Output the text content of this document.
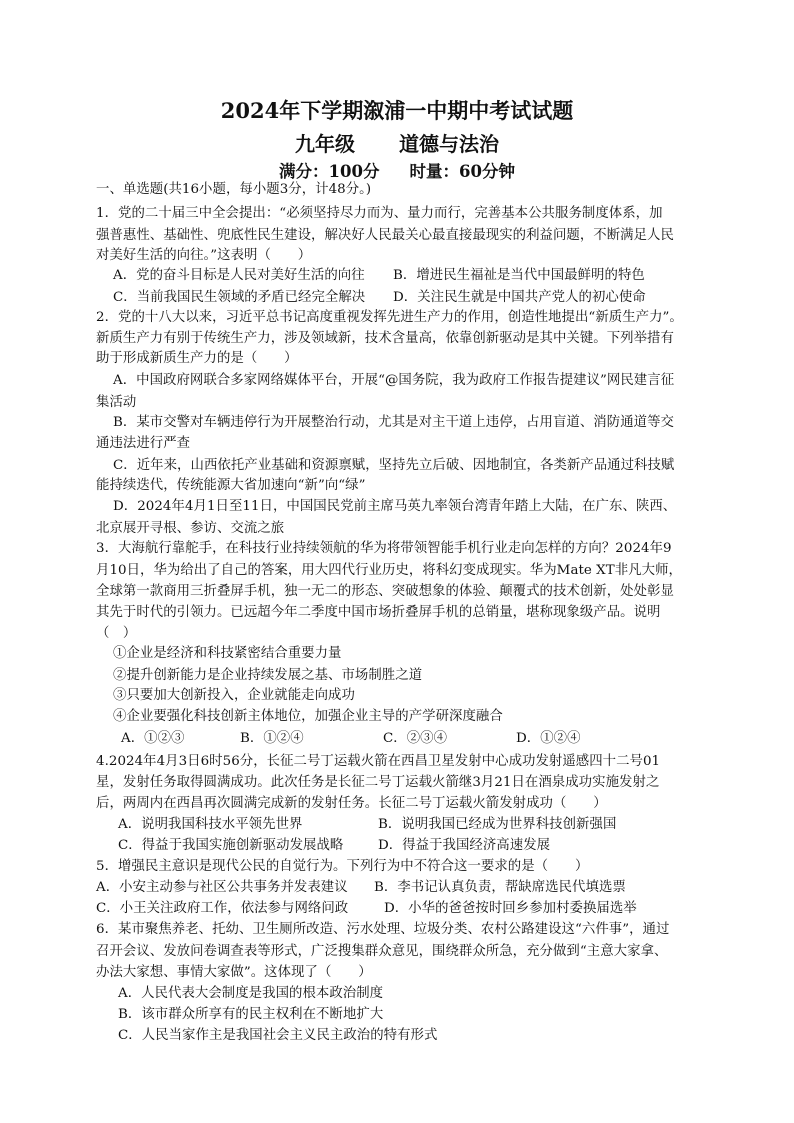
2024年下学期溆浦一中期中考试试题
九年级 道德与法治
满分：100分 时量：60分钟
一、单选题(共16小题，每小题3分，计48分。)
1．党的二十届三中全会提出：“必须坚持尽力而为、量力而行，完善基本公共服务制度体系，加
强普惠性、基础性、兜底性民生建设，解决好人民最关心最直接最现实的利益问题，不断满足人民
对美好生活的向往。”这表明（　　）
A．党的奋斗目标是人民对美好生活的向往 B．增进民生福祉是当代中国最鲜明的特色
C．当前我国民生领域的矛盾已经完全解决 D．关注民生就是中国共产党人的初心使命
2．党的十八大以来，习近平总书记高度重视发挥先进生产力的作用，创造性地提出“新质生产力”。
新质生产力有别于传统生产力，涉及领域新，技术含量高，依靠创新驱动是其中关键。下列举措有
助于形成新质生产力的是（　　）
A．中国政府网联合多家网络媒体平台，开展“@国务院，我为政府工作报告提建议”网民建言征
集活动
B．某市交警对车辆违停行为开展整治行动，尤其是对主干道上违停，占用盲道、消防通道等交
通违法进行严查
C．近年来，山西依托产业基础和资源禀赋，坚持先立后破、因地制宜，各类新产品通过科技赋
能持续迭代，传统能源大省加速向“新”向“绿”
D．2024年4月1日至11日，中国国民党前主席马英九率领台湾青年踏上大陆，在广东、陕西、
北京展开寻根、参访、交流之旅
3．大海航行靠舵手，在科技行业持续领航的华为将带领智能手机行业走向怎样的方向？2024年9
月10日，华为给出了自己的答案，用大四代行业历史，将科幻变成现实。华为Mate XT非凡大师，
全球第一款商用三折叠屏手机，独一无二的形态、突破想象的体验、颠覆式的技术创新，处处彰显
其先于时代的引领力。已远超今年二季度中国市场折叠屏手机的总销量，堪称现象级产品。说明
（　）
①企业是经济和科技紧密结合重要力量
②提升创新能力是企业持续发展之基、市场制胜之道
③只要加大创新投入，企业就能走向成功
④企业要强化科技创新主体地位，加强企业主导的产学研深度融合
A．①②③	B．①②④	C．②③④	D．①②④
4.2024年4月3日6时56分，长征二号丁运载火箭在西昌卫星发射中心成功发射遥感四十二号01
星，发射任务取得圆满成功。此次任务是长征二号丁运载火箭继3月21日在酒泉成功实施发射之
后，两周内在西昌再次圆满完成新的发射任务。长征二号丁运载火箭发射成功（　　）
A．说明我国科技水平领先世界	B．说明我国已经成为世界科技创新强国
C．得益于我国实施创新驱动发展战略	D．得益于我国经济高速发展
5．增强民主意识是现代公民的自觉行为。下列行为中不符合这一要求的是（　　）
A．小安主动参与社区公共事务并发表建议 B．李书记认真负责，帮缺席选民代填选票
C．小王关注政府工作，依法参与网络问政	D．小华的爸爸按时回乡参加村委换届选举
6．某市聚焦养老、托幼、卫生厕所改造、污水处理、垃圾分类、农村公路建设这“六件事”，通过
召开会议、发放问卷调查表等形式，广泛搜集群众意见，围绕群众所急，充分做到“主意大家拿、
办法大家想、事情大家做”。这体现了（　　）
A．人民代表大会制度是我国的根本政治制度
B．该市群众所享有的民主权利在不断地扩大
C．人民当家作主是我国社会主义民主政治的特有形式
